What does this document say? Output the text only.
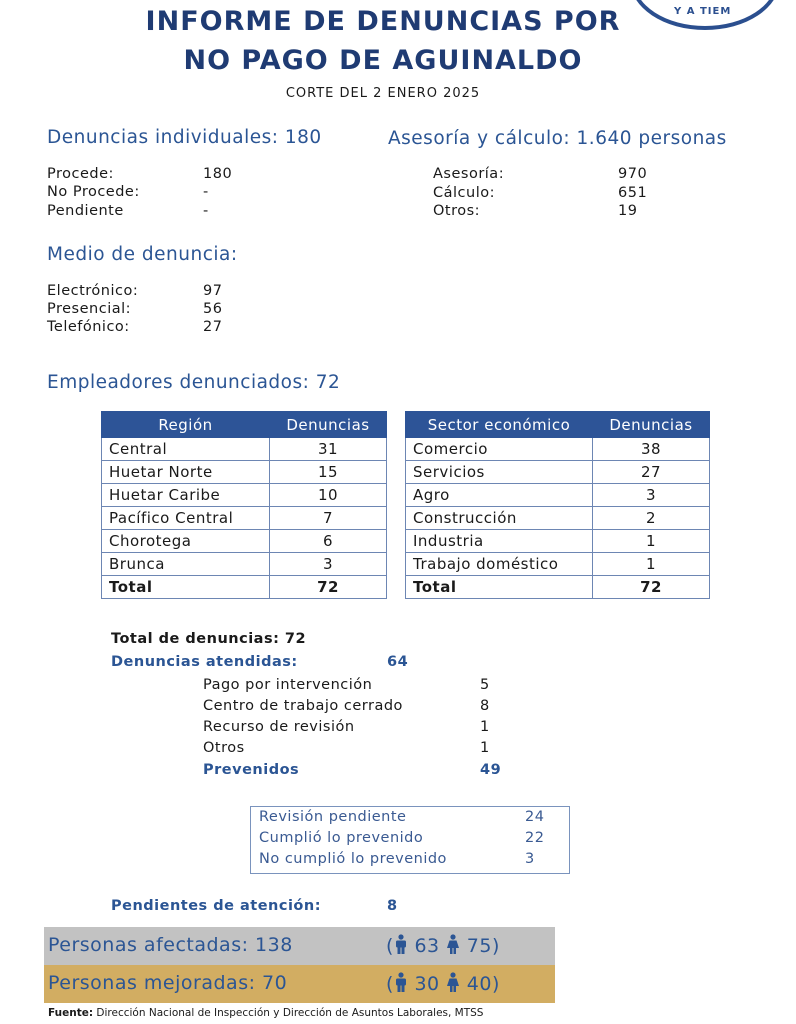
Y A TIEM
INFORME DE DENUNCIAS POR
NO PAGO DE AGUINALDO
CORTE DEL 2 ENERO 2025
Denuncias individuales: 180
Procede:	180
No Procede:	-
Pendiente	-
Asesoría y cálculo: 1.640 personas
Asesoría:	970
Cálculo:	651
Otros:	19
Medio de denuncia:
Electrónico:	97
Presencial:	56
Telefónico:	27
Empleadores denunciados: 72
Región	Denuncias
Central	31
Huetar Norte	15
Huetar Caribe	10
Pacífico Central	7
Chorotega	6
Brunca	3
Total	72
Sector económico	Denuncias
Comercio	38
Servicios	27
Agro	3
Construcción	2
Industria	1
Trabajo doméstico	1
Total	72
Total de denuncias: 72
Denuncias atendidas:	64
Pago por intervención	5
Centro de trabajo cerrado	8
Recurso de revisión	1
Otros	1
Prevenidos	49
Revisión pendiente	24
Cumplió lo prevenido	22
No cumplió lo prevenido	3
Pendientes de atención:	8
Personas afectadas: 138	( 63 75)
Personas mejoradas: 70	( 30 40)
Fuente: Dirección Nacional de Inspección y Dirección de Asuntos Laborales, MTSS
